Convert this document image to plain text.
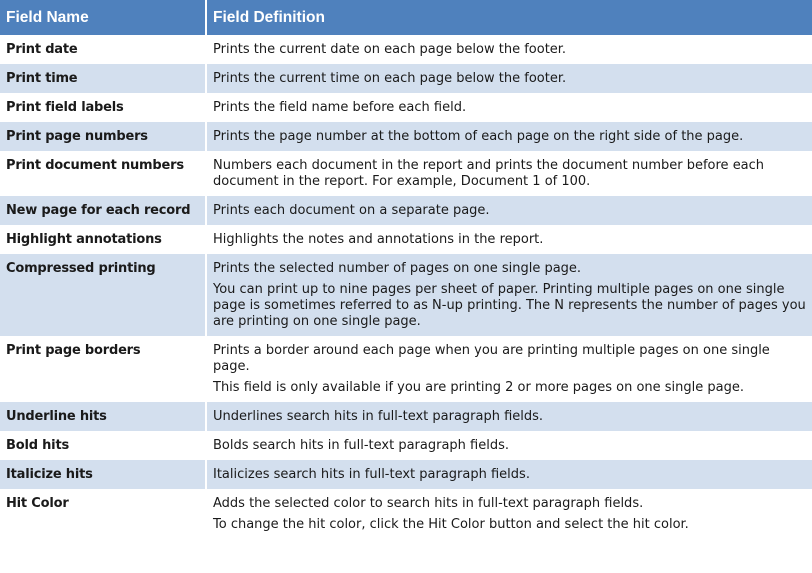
Field Name	Field Definition
Print date	Prints the current date on each page below the footer.

Print time	Prints the current time on each page below the footer.

Print field labels	Prints the field name before each field.

Print page numbers	Prints the page number at the bottom of each page on the right side of the page.

Print document numbers	Numbers each document in the report and prints the document number before each document in the report. For example, Document 1 of 100.

New page for each record	Prints each document on a separate page.

Highlight annotations	Highlights the notes and annotations in the report.

Compressed printing	Prints the selected number of pages on one single page.

You can print up to nine pages per sheet of paper. Printing multiple pages on one single page is sometimes referred to as N-up printing. The N represents the number of pages you are printing on one single page.

Print page borders	Prints a border around each page when you are printing multiple pages on one single page.

This field is only available if you are printing 2 or more pages on one single page.

Underline hits	Underlines search hits in full-text paragraph fields.

Bold hits	Bolds search hits in full-text paragraph fields.

Italicize hits	Italicizes search hits in full-text paragraph fields.

Hit Color	Adds the selected color to search hits in full-text paragraph fields.

To change the hit color, click the Hit Color button and select the hit color.
